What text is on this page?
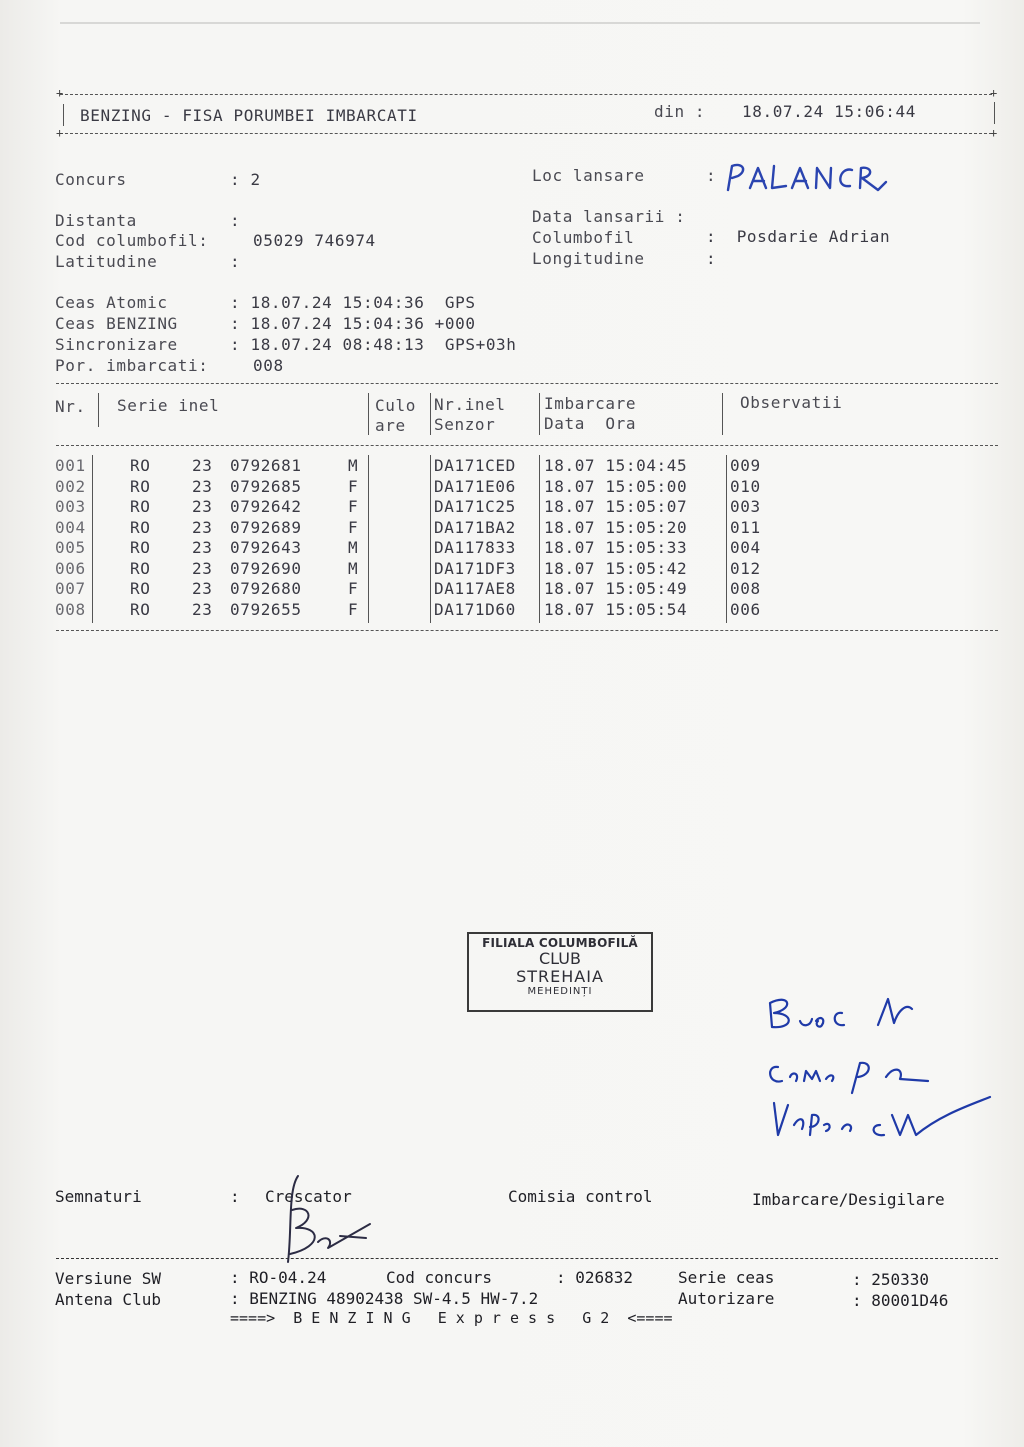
+	+
BENZING - FISA PORUMBEI IMBARCATI	din : 18.07.24 15:06:44
+	+
Concurs	: 2	Loc lansare	:
Distanta	:
Cod columbofil:	05029 746974
Latitudine	:
Data lansarii :
Columbofil	:  Posdarie Adrian
Longitudine	:
Ceas Atomic	: 18.07.24 15:04:36  GPS
Ceas BENZING	: 18.07.24 15:04:36 +000
Sincronizare	: 18.07.24 08:48:13  GPS+03h
Por. imbarcati:	008
Nr. Serie inel	Culo
are
Nr.inel
Senzor
Imbarcare
Data  Ora
Observatii
001	RO	23 0792681	M	DA171CED 18.07 15:04:45	009
002	RO	23 0792685	F	DA171E06 18.07 15:05:00	010
003	RO	23 0792642	F	DA171C25 18.07 15:05:07	003
004	RO	23 0792689	F	DA171BA2 18.07 15:05:20	011
005	RO	23 0792643	M	DA117833 18.07 15:05:33	004
006	RO	23 0792690	M	DA171DF3 18.07 15:05:42	012
007	RO	23 0792680	F	DA117AE8 18.07 15:05:49	008
008	RO	23 0792655	F	DA171D60 18.07 15:05:54	006
FILIALA COLUMBOFILĂ
CLUB
STREHAIA
MEHEDINȚI
Semnaturi	: Crescator	Comisia control	Imbarcare/Desigilare
Versiune SW	: RO-04.24	Cod concurs	: 026832	Serie ceas	: 250330
Antena Club	: BENZING 48902438 SW-4.5 HW-7.2	Autorizare	: 80001D46
====>  B E N Z I N G   E x p r e s s   G 2  <====
